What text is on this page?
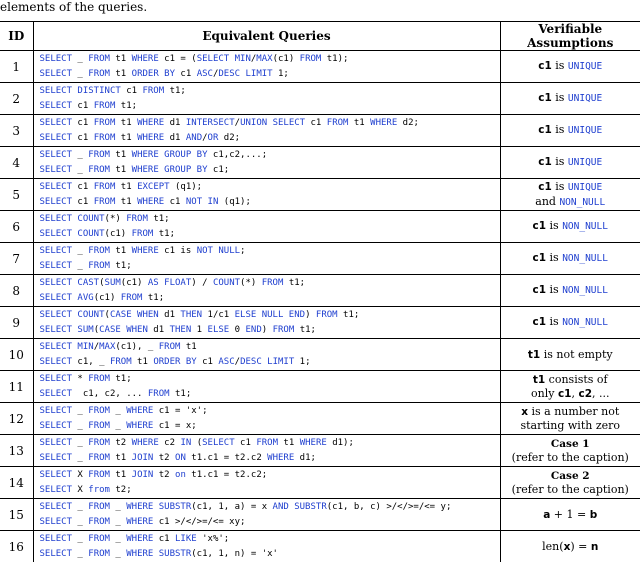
elements of the queries.
ID	Equivalent Queries	Verifiable Assumptions
1	SELECT _ FROM t1 WHERE c1 = (SELECT MIN/MAX(c1) FROM t1);
SELECT _ FROM t1 ORDER BY c1 ASC/DESC LIMIT 1;	c1 is UNIQUE
2	SELECT DISTINCT c1 FROM t1;
SELECT c1 FROM t1;	c1 is UNIQUE
3	SELECT c1 FROM t1 WHERE d1 INTERSECT/UNION SELECT c1 FROM t1 WHERE d2;
SELECT c1 FROM t1 WHERE d1 AND/OR d2;	c1 is UNIQUE
4	SELECT _ FROM t1 WHERE GROUP BY c1,c2,...;
SELECT _ FROM t1 WHERE GROUP BY c1;	c1 is UNIQUE
5	SELECT c1 FROM t1 EXCEPT (q1);
SELECT c1 FROM t1 WHERE c1 NOT IN (q1);	c1 is UNIQUE
and NON_NULL
6	SELECT COUNT(*) FROM t1;
SELECT COUNT(c1) FROM t1;	c1 is NON_NULL
7	SELECT _ FROM t1 WHERE c1 is NOT NULL;
SELECT _ FROM t1;	c1 is NON_NULL
8	SELECT CAST(SUM(c1) AS FLOAT) / COUNT(*) FROM t1;
SELECT AVG(c1) FROM t1;	c1 is NON_NULL
9	SELECT COUNT(CASE WHEN d1 THEN 1/c1 ELSE NULL END) FROM t1;
SELECT SUM(CASE WHEN d1 THEN 1 ELSE 0 END) FROM t1;	c1 is NON_NULL
10	SELECT MIN/MAX(c1), _ FROM t1
SELECT c1, _ FROM t1 ORDER BY c1 ASC/DESC LIMIT 1;	t1 is not empty
11	SELECT * FROM t1;
SELECT  c1, c2, ... FROM t1;	t1 consists of
only c1, c2, ...
12	SELECT _ FROM _ WHERE c1 = 'x';
SELECT _ FROM _ WHERE c1 = x;	x is a number not
starting with zero
13	SELECT _ FROM t2 WHERE c2 IN (SELECT c1 FROM t1 WHERE d1);
SELECT _ FROM t1 JOIN t2 ON t1.c1 = t2.c2 WHERE d1;	Case 1
(refer to the caption)
14	SELECT X FROM t1 JOIN t2 on t1.c1 = t2.c2;
SELECT X from t2;	Case 2
(refer to the caption)
15	SELECT _ FROM _ WHERE SUBSTR(c1, 1, a) = x AND SUBSTR(c1, b, c) >/</>=/<= y;
SELECT _ FROM _ WHERE c1 >/</>=/<= xy;	a + 1 = b
16	SELECT _ FROM _ WHERE c1 LIKE 'x%';
SELECT _ FROM _ WHERE SUBSTR(c1, 1, n) = 'x'	len(x) = n
